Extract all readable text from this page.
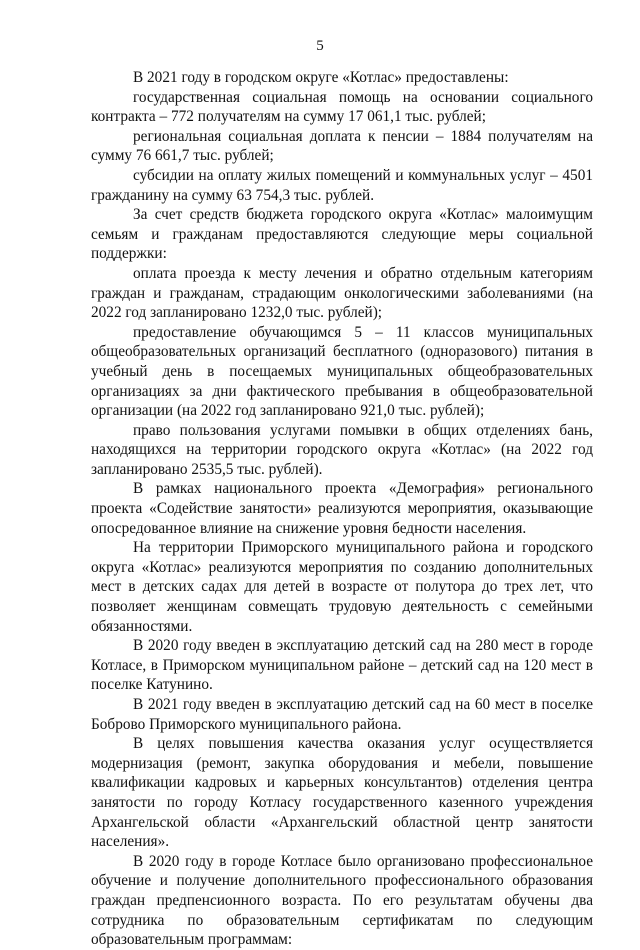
5

В 2021 году в городском округе «Котлас» предоставлены:

государственная социальная помощь на основании социального контракта – 772 получателям на сумму 17 061,1 тыс. рублей;

региональная социальная доплата к пенсии – 1884 получателям на сумму 76 661,7 тыс. рублей;

субсидии на оплату жилых помещений и коммунальных услуг – 4501 гражданину на сумму 63 754,3 тыс. рублей.

За счет средств бюджета городского округа «Котлас» малоимущим семьям и гражданам предоставляются следующие меры социальной поддержки:

оплата проезда к месту лечения и обратно отдельным категориям граждан и гражданам, страдающим онкологическими заболеваниями (на 2022 год запланировано 1232,0 тыс. рублей);

предоставление обучающимся 5 – 11 классов муниципальных общеобразовательных организаций бесплатного (одноразового) питания в учебный день в посещаемых муниципальных общеобразовательных организациях за дни фактического пребывания в общеобразовательной организации (на 2022 год запланировано 921,0 тыс. рублей);

право пользования услугами помывки в общих отделениях бань, находящихся на территории городского округа «Котлас» (на 2022 год запланировано 2535,5 тыс. рублей).

В рамках национального проекта «Демография» регионального проекта «Содействие занятости» реализуются мероприятия, оказывающие опосредованное влияние на снижение уровня бедности населения.

На территории Приморского муниципального района и городского округа «Котлас» реализуются мероприятия по созданию дополнительных мест в детских садах для детей в возрасте от полутора до трех лет, что позволяет женщинам совмещать трудовую деятельность с семейными обязанностями.

В 2020 году введен в эксплуатацию детский сад на 280 мест в городе Котласе, в Приморском муниципальном районе – детский сад на 120 мест в поселке Катунино.

В 2021 году введен в эксплуатацию детский сад на 60 мест в поселке Боброво Приморского муниципального района.

В целях повышения качества оказания услуг осуществляется модернизация (ремонт, закупка оборудования и мебели, повышение квалификации кадровых и карьерных консультантов) отделения центра занятости по городу Котласу государственного казенного учреждения Архангельской области «Архангельский областной центр занятости населения».

В 2020 году в городе Котласе было организовано профессиональное обучение и получение дополнительного профессионального образования граждан предпенсионного возраста. По его результатам обучены два сотрудника по образовательным сертификатам по следующим образовательным программам:
